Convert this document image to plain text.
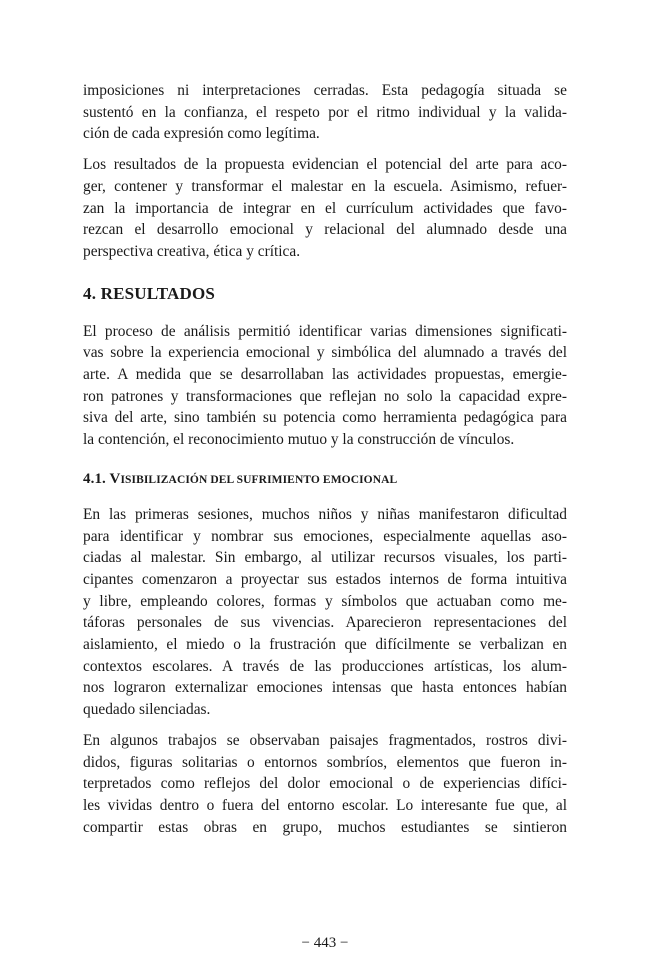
imposiciones ni interpretaciones cerradas. Esta pedagogía situada se
sustentó en la confianza, el respeto por el ritmo individual y la valida-
ción de cada expresión como legítima.

Los resultados de la propuesta evidencian el potencial del arte para aco-
ger, contener y transformar el malestar en la escuela. Asimismo, refuer-
zan la importancia de integrar en el currículum actividades que favo-
rezcan el desarrollo emocional y relacional del alumnado desde una
perspectiva creativa, ética y crítica.

4. RESULTADOS

El proceso de análisis permitió identificar varias dimensiones significati-
vas sobre la experiencia emocional y simbólica del alumnado a través del
arte. A medida que se desarrollaban las actividades propuestas, emergie-
ron patrones y transformaciones que reflejan no solo la capacidad expre-
siva del arte, sino también su potencia como herramienta pedagógica para
la contención, el reconocimiento mutuo y la construcción de vínculos.

4.1. VISIBILIZACIÓN DEL SUFRIMIENTO EMOCIONAL

En las primeras sesiones, muchos niños y niñas manifestaron dificultad
para identificar y nombrar sus emociones, especialmente aquellas aso-
ciadas al malestar. Sin embargo, al utilizar recursos visuales, los parti-
cipantes comenzaron a proyectar sus estados internos de forma intuitiva
y libre, empleando colores, formas y símbolos que actuaban como me-
táforas personales de sus vivencias. Aparecieron representaciones del
aislamiento, el miedo o la frustración que difícilmente se verbalizan en
contextos escolares. A través de las producciones artísticas, los alum-
nos lograron externalizar emociones intensas que hasta entonces habían
quedado silenciadas.

En algunos trabajos se observaban paisajes fragmentados, rostros divi-
didos, figuras solitarias o entornos sombríos, elementos que fueron in-
terpretados como reflejos del dolor emocional o de experiencias difíci-
les vividas dentro o fuera del entorno escolar. Lo interesante fue que, al
compartir estas obras en grupo, muchos estudiantes se sintieron

− 443 −
